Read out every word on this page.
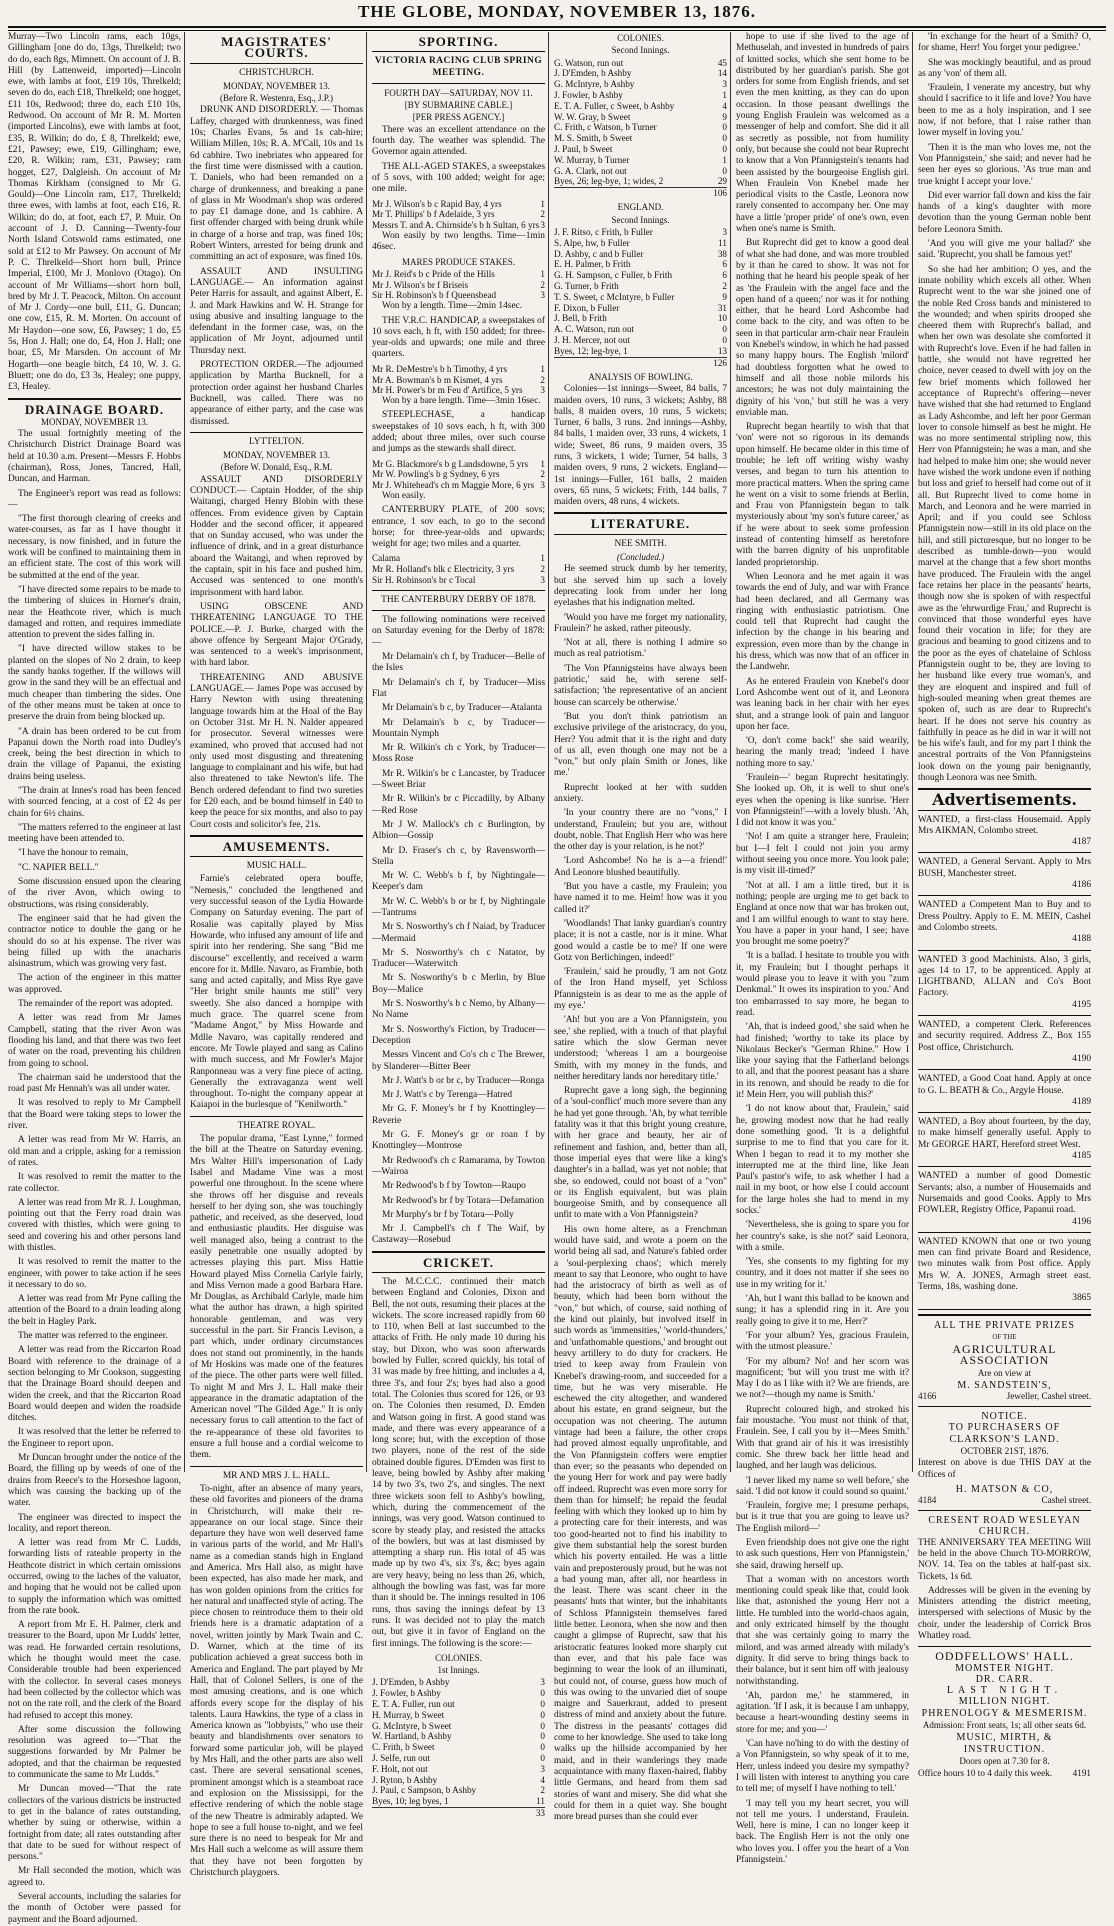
THE GLOBE, MONDAY, NOVEMBER 13, 1876.

Murray—Two Lincoln rams, each 10gs, Gillingham [one do do, 13gs, Threlkeld; two do do, each 8gs, Mimnett. On account of J. B. Hill (by Lattenweid, imported)—Lincoln ewe, with lambs at foot, £19 10s, Threlkeld; seven do do, each £18, Threlkeld; one hogget, £11 10s, Redwood; three do, each £10 10s, Redwood. On account of Mr R. M. Morten (imported Lincolns), ewe with lambs at foot, £35, R. Wilkin; do do, £ 8, Threlkeld; ewe, £21, Pawsey; ewe, £19, Gillingham; ewe, £20, R. Wilkin; ram, £31, Pawsey; ram hogget, £27, Dalgleish. On account of Mr Thomas Kirkham (consigned to Mr G. Gould)—One Lincoln ram, £17, Threlkeld; three ewes, with lambs at foot, each £16, R. Wilkin; do do, at foot, each £7, P. Muir. On account of J. D. Canning—Twenty-four North Island Cotswold rams estimated, one sold at £12 to Mr Pawsey. On account of Mr P. C. Threlkeld—Short horn bull, Prince Imperial, £100, Mr J. Monlovo (Otago). On account of Mr Williams—short horn bull, bred by Mr J. T. Peacock, Milton. On account of Mr J. Cordy—one bull, £11, G. Duncan; one cow, £15, R. M. Morten. On account of Mr Haydon—one sow, £6, Pawsey; 1 do, £5 5s, Hon J. Hall; one do, £4, Hon J. Hall; one boar, £5, Mr Marsden. On account of Mr Hogarth—one beagle bitch, £4 10, W. J. G. Bluett; one do do, £3 3s, Healey; one puppy, £3, Healey.

DRAINAGE BOARD.
MONDAY, NOVEMBER 13.

The usual fortnightly meeting of the Christchurch District Drainage Board was held at 10.30 a.m. Present—Messrs F. Hobbs (chairman), Ross, Jones, Tancred, Hall, Duncan, and Harman.

The Engineer's report was read as follows:—

"The first thorough clearing of creeks and water-courses, as far as I have thought it necessary, is now finished, and in future the work will be confined to maintaining them in an efficient state. The cost of this work will be submitted at the end of the year.

"I have directed some repairs to be made to the timbering of sluices in Horner's drain, near the Heathcote river, which is much damaged and rotten, and requires immediate attention to prevent the sides falling in.

"I have directed willow stakes to be planted on the slopes of No 2 drain, to keep the sandy banks together. If the willows will grow in the sand they will be an effectual and much cheaper than timbering the sides. One of the other means must be taken at once to preserve the drain from being blocked up.

"A drain has been ordered to be cut from Papanui down the North road into Dudley's creek, being the best direction in which to drain the village of Papanui, the existing drains being useless.

"The drain at Innes's road has been fenced with sourced fencing, at a cost of £2 4s per chain for 6½ chains.

"The matters referred to the engineer at last meeting have been attended to.

"I have the honour to remain,

"C. NAPIER BELL."

Some discussion ensued upon the clearing of the river Avon, which owing to obstructions, was rising considerably.

The engineer said that he had given the contractor notice to double the gang or he should do so at his expense. The river was being filled up with the anacharis alsinastrum, which was growing very fast.

The action of the engineer in this matter was approved.

The remainder of the report was adopted.

A letter was read from Mr James Campbell, stating that the river Avon was flooding his land, and that there was two feet of water on the road, preventing his children from going to school.

The chairman said he understood that the road past Mr Hennah's was all under water.

It was resolved to reply to Mr Campbell that the Board were taking steps to lower the river.

A letter was read from Mr W. Harris, an old man and a cripple, asking for a remission of rates.

It was resolved to remit the matter to the rate collector.

A letter was read from Mr R. J. Loughman, pointing out that the Ferry road drain was covered with thistles, which were going to seed and covering his and other persons land with thistles.

It was resolved to remit the matter to the engineer, with power to take action if he sees it necessary to do so.

A letter was read from Mr Pyne calling the attention of the Board to a drain leading along the belt in Hagley Park.

The matter was referred to the engineer.

A letter was read from the Riccarton Road Board with reference to the drainage of a section belonging to Mr Cookson, suggesting that the Drainage Board should deepen and widen the creek, and that the Riccarton Road Board would deepen and widen the roadside ditches.

It was resolved that the letter be referred to the Engineer to report upon.

Mr Duncan brought under the notice of the Board, the filling up by weeds of one of the drains from Reece's to the Horseshoe lagoon, which was causing the backing up of the water.

The engineer was directed to inspect the locality, and report thereon.

A letter was read from Mr C. Ludds, forwarding lists of rateable property in the Heathcote district in which certain omissions occurred, owing to the laches of the valuator, and hoping that he would not be called upon to supply the information which was omitted from the rate book.

A report from Mr E. H. Palmer, clerk and treasurer to the Board, upon Mr Ludds' letter, was read. He forwarded certain resolutions, which he thought would meet the case. Considerable trouble had been experienced with the collector. In several cases moneys had been collected by the collector which was not on the rate roll, and the clerk of the Board had refused to accept this money.

After some discussion the following resolution was agreed to—"That the suggestions forwarded by Mr Palmer be adopted, and that the chairman be requested to communicate the same to Mr Ludds."

Mr Duncan moved—"That the rate collectors of the various districts be instructed to get in the balance of rates outstanding, whether by suing or otherwise, within a fortnight from date; all rates outstanding after that date to be sued for without respect of persons."

Mr Hall seconded the motion, which was agreed to.

Several accounts, including the salaries for the month of October were passed for payment and the Board adjourned.

MAGISTRATES' COURTS.
CHRISTCHURCH.
MONDAY, NOVEMBER 13.
(Before R. Westenra, Esq., J.P.)

DRUNK AND DISORDERLY. — Thomas Laffey, charged with drunkenness, was fined 10s; Charles Evans, 5s and 1s cab-hire; William Millen, 10s; R. A. M'Call, 10s and 1s 6d cabhire. Two inebriates who appeared for the first time were dismissed with a caution. T. Daniels, who had been remanded on a charge of drunkenness, and breaking a pane of glass in Mr Woodman's shop was ordered to pay £1 damage done, and 1s cabhire. A first offender charged with being drunk while in charge of a horse and trap, was fined 10s; Robert Winters, arrested for being drunk and committing an act of exposure, was fined 10s.

ASSAULT AND INSULTING LANGUAGE.— An information against Peter Harris for assault, and against Albert, E. J. and Mark Hawkins and W. H. Strange for using abusive and insulting language to the defendant in the former case, was, on the application of Mr Joynt, adjourned until Thursday next.

PROTECTION ORDER.—The adjourned application by Martha Bucknell, for a protection order against her husband Charles Bucknell, was called. There was no appearance of either party, and the case was dismissed.

LYTTELTON.
MONDAY, NOVEMBER 13.
(Before W. Donald, Esq., R.M.

ASSAULT AND DISORDERLY CONDUCT.— Captain Hodder, of the ship Waitangi, charged Henry Blobin with these offences. From evidence given by Captain Hodder and the second officer, it appeared that on Sunday accused, who was under the influence of drink, and in a great disturbance aboard the Waitangi, and when reproved by the captain, spit in his face and pushed him. Accused was sentenced to one month's imprisonment with hard labor.

USING OBSCENE AND THREATENING LANGUAGE TO THE POLICE.—P. J. Burke, charged with the above offence by Sergeant Major O'Grady, was sentenced to a week's imprisonment, with hard labor.

THREATENING AND ABUSIVE LANGUAGE.— James Pope was accused by Harry Newton with using threatening language towards him at the Hoal of the Bay on October 31st. Mr H. N. Nalder appeared for prosecutor. Several witnesses were examined, who proved that accused had not only used most disgusting and threatening language to complainant and his wife, but had also threatened to take Newton's life. The Bench ordered defendant to find two sureties for £20 each, and be bound himself in £40 to keep the peace for six months, and also to pay Court costs and solicitor's fee, 21s.

AMUSEMENTS.
MUSIC HALL.

Farnie's celebrated opera bouffe, "Nemesis," concluded the lengthened and very successful season of the Lydia Howarde Company on Saturday evening. The part of Rosalie was capitally played by Miss Howarde, who infused any amount of life and spirit into her rendering. She sang "Bid me discourse" excellently, and received a warm encore for it. Mdlle. Navaro, as Frambie, both sang and acted capitally, and Miss Rye gave "Her bright smile haunts me still" very sweetly. She also danced a hornpipe with much grace. The quarrel scene from "Madame Angot," by Miss Howarde and Mdlle Navaro, was capitally rendered and encore. Mr Towle played and sang as Calino with much success, and Mr Fowler's Major Ranponneau was a very fine piece of acting. Generally the extravaganza went well throughout. To-night the company appear at Kaiapoi in the burlesque of "Kenilworth."

THEATRE ROYAL.

The popular drama, "East Lynne," formed the bill at the Theatre on Saturday evening. Mrs Walter Hill's impersonation of Lady Isabel and Madame Vine was a most powerful one throughout. In the scene where she throws off her disguise and reveals herself to her dying son, she was touchingly pathetic, and received, as she deserved, loud and enthusiastic plaudits. Her disguise was well managed also, being a contrast to the easily penetrable one usually adopted by actresses playing this part. Miss Hattie Howard played Miss Cornelia Carlyle fairly, and Miss Vernon made a good Barbara Hare. Mr Douglas, as Archibald Carlyle, made him what the author has drawn, a high spirited honorable gentleman, and was very successful in the part. Sir Francis Levison, a part which, under ordinary circumstances does not stand out prominently, in the hands of Mr Hoskins was made one of the features of the piece. The other parts were well filled. To night M and Mrs J. L. Hall make their appearance in the dramatic adaptation of the American novel "The Gilded Age." It is only necessary forus to call attention to the fact of the re-appearance of these old favorites to ensure a full house and a cordial welcome to them.

MR AND MRS J. L. HALL.

To-night, after an absence of many years, these old favorites and pioneers of the drama in Christchurch, will make their re-appearance on our local stage. Since their departure they have won well deserved fame in various parts of the world, and Mr Hall's name as a comedian stands high in England and America. Mrs Hall also, as might have been expected, has also made her mark, and has won golden opinions from the critics for her natural and unaffected style of acting. The piece chosen to reintroduce them to their old friends here is a dramatic adaptation of a novel, written jointly by Mark Twain and C. D. Warner, which at the time of its publication achieved a great success both in America and England. The part played by Mr Hall, that of Colonel Sellers, is one of the most amusing creations, and is one which affords every scope for the display of his talents. Laura Hawkins, the type of a class in America known as "lobbyists," who use their beauty and blandishments over senators to forward some particular job, will be played by Mrs Hall, and the other parts are also well cast. There are several sensational scenes, prominent amongst which is a steamboat race and explosion on the Mississippi, for the effective rendering of which the noble stage of the new Theatre is admirably adapted. We hope to see a full house to-night, and we feel sure there is no need to bespeak for Mr and Mrs Hall such a welcome as will assure them that they have not been forgotten by Christchurch playgoers.

SPORTING.
VICTORIA RACING CLUB SPRING MEETING.
FOURTH DAY—SATURDAY, NOV 11.
[BY SUBMARINE CABLE.]
[PER PRESS AGENCY.]

There was an excellent attendance on the fourth day. The weather was splendid. The Governor again attended.

THE ALL-AGED STAKES, a sweepstakes of 5 sovs, with 100 added; weight for age; one mile.

Mr J. Wilson's b c Rapid Bay, 4 yrs	1
Mr T. Phillips' b f Adelaide, 3 yrs	2
Messrs T. and A. Chirnside's b h Sultan, 6 yrs 3

Won easily by two lengths. Time—1min 46sec.

MARES PRODUCE STAKES.
Mr J. Reid's b c Pride of the Hills	1
Mr J. Wilson's br f Briseis	2
Sir H. Robinson's b f Queensbead	3

Won by a length. Time—2min 14sec.

THE V.R.C. HANDICAP, a sweepstakes of 10 sovs each, h ft, with 150 added; for three-year-olds and upwards; one mile and three quarters.

Mr R. DeMestre's b h Timothy, 4 yrs	1
Mr A. Bowman's b m Kismet, 4 yrs	2
Mr H. Power's br m Feu d' Artifice, 5 yrs 3

Won by a bare length. Time—3min 16sec.

STEEPLECHASE, a handicap sweepstakes of 10 sovs each, h ft, with 300 added; about three miles, over such course and jumps as the stewards shall direct.

Mr G. Blackmore's b g Landsdowne, 5 yrs 1
Mr W. Powling's b g Sydney, 6 yrs	2
Mr J. Whitehead's ch m Maggie More, 6 yrs 3

Won easily.

CANTERBURY PLATE, of 200 sovs; entrance, 1 sov each, to go to the second horse; for three-year-olds and upwards; weight for age; two miles and a quarter.

Calama	1
Mr R. Holland's blk c Electricity, 3 yrs	2
Sir H. Robinson's br c Tocal	3
THE CANTERBURY DERBY OF 1878.

The following nominations were received on Saturday evening for the Derby of 1878:—

Mr Delamain's ch f, by Traducer—Belle of the Isles

Mr Delamain's ch f, by Traducer—Miss Flat

Mr Delamain's b c, by Traducer—Atalanta

Mr Delamain's b c, by Traducer—Mountain Nymph

Mr R. Wilkin's ch c York, by Traducer—Moss Rose

Mr R. Wilkin's br c Lancaster, by Traducer—Sweet Briar

Mr R. Wilkin's br c Piccadilly, by Albany—Red Rose

Mr J W. Mallock's ch c Burlington, by Albion—Gossip

Mr D. Fraser's ch c, by Ravensworth—Stella

Mr W. C. Webb's b f, by Nightingale—Keeper's dam

Mr W. C. Webb's b or br f, by Nightingale—Tantrums

Mr S. Nosworthy's ch f Naiad, by Traducer—Mermaid

Mr S. Nosworthy's ch c Natator, by Traducer—Waterwitch

Mr S. Nosworthy's b c Merlin, by Blue Boy—Malice

Mr S. Nosworthy's b c Nemo, by Albany—No Name

Mr S. Nosworthy's Fiction, by Traducer—Deception

Messrs Vincent and Co's ch c The Brewer, by Slanderer—Bitter Beer

Mr J. Watt's b or br c, by Traducer—Ronga

Mr J. Watt's c by Terenga—Hatred

Mr G. F. Money's br f by Knottingley—Reverie

Mr G. F. Money's gr or roan f by Knottingley—Montrose

Mr Redwood's ch c Ramarama, by Towton—Wairoa

Mr Redwood's b f by Towton—Raupo

Mr Redwood's br f by Totara—Defamation

Mr Murphy's br f by Totara—Polly

Mr J. Campbell's ch f The Waif, by Castaway—Rosebud

CRICKET.

The M.C.C.C. continued their match between England and Colonies, Dixon and Bell, the not outs, resuming their places at the wickets. The score increased rapidly from 60 to 110, when Bell at last succumbed to the attacks of Frith. He only made 10 during his stay, but Dixon, who was soon afterwards bowled by Fuller, scored quickly, his total of 31 was made by free hitting, and includes a 4, three 3's, and four 2's; byes had also a good total. The Colonies thus scored for 126, or 93 on. The Colonies then resumed, D. Emden and Watson going in first. A good stand was made, and there was every appearance of a long score; but, with the exception of those two players, none of the rest of the side obtained double figures. D'Emden was first to leave, being bowled by Ashby after making 14 by two 3's, two 2's, and singles. The next three wickets soon fell to Ashby's bowling, which, during the commencement of the innings, was very good. Watson continued to score by steady play, and resisted the attacks of the bowlers, but was at last dismissed by attempting a sharp run. His total of 45 was made up by two 4's, six 3's, &c; byes again are very heavy, being no less than 26, which, although the bowling was fast, was far more than it should be. The innings resulted in 106 runs, thus saving the innings defeat by 13 runs. It was decided not to play the match out, but give it in favor of England on the first innings. The following is the score:—

COLONIES.
1st Innings.
J. D'Emden, b Ashby	3
J. Fowler, b Ashby	0
E. T. A. Fuller, run out	0
H. Murray, b Sweet	0
G. McIntyre, b Sweet	0
W. Hartland, b Ashby	0
C. Frith, b Sweet	0
J. Selfe, run out	0
F. Holt, not out	3
J. Ryton, b Ashby	4
J. Paul, c Sampson, b Ashby	2
Byes, 10; leg byes, 1	11
33
COLONIES.
Second Innings.
G. Watson, run out	45
J. D'Emden, b Ashby	14
G. McIntyre, b Ashby	3
J. Fowler, b Ashby	1
E. T. A. Fuller, c Sweet, b Ashby	4
W. W. Gray, b Sweet	9
C. Frith, c Watson, b Turner	0
M. S. Smith, b Sweet	0
J. Paul, b Sweet	0
W. Murray, b Turner	1
G. A. Clark, not out	0
Byes, 26; leg-bye, 1; wides, 2	29
106
ENGLAND.
Second Innings.
J. F. Ritso, c Frith, b Fuller	3
S. Alpe, hw, b Fuller	11
D. Ashby, c and b Fuller	38
E. H. Palmer, b Frith	6
G. H. Sampson, c Fuller, b Frith	6
G. Turner, b Frith	2
T. S. Sweet, c McIntyre, b Fuller	9
F. Dixon, b Fuller	31
J. Bell, b Frith	10
A. C. Watson, run out	0
J. H. Mercer, not out	0
Byes, 12; leg-bye, 1	13
126
ANALYSIS OF BOWLING.

Colonies—1st innings—Sweet, 84 balls, 7 maiden overs, 10 runs, 3 wickets; Ashby, 88 balls, 8 maiden overs, 10 runs, 5 wickets; Turner, 6 balls, 3 runs. 2nd innings—Ashby, 84 balls, 1 maiden over, 33 runs, 4 wickets, 1 wide; Sweet, 86 runs, 9 maiden overs, 35 runs, 3 wickets, 1 wide; Turner, 54 balls, 3 maiden overs, 9 runs, 2 wickets. England—1st innings—Fuller, 161 balls, 2 maiden overs, 65 runs, 5 wickets; Frith, 144 balls, 7 maiden overs, 48 runs, 4 wickets.

LITERATURE.
NEE SMITH.
(Concluded.)

He seemed struck dumb by her temerity, but she served him up such a lovely deprecating look from under her long eyelashes that his indignation melted.

'Would you have me forget my nationality, Fraulein?' he asked, rather piteously.

'Not at all, there is nothing I admire so much as real patriotism.'

'The Von Pfannigsteins have always been patriotic,' said he, with serene self-satisfaction; 'the representative of an ancient house can scarcely be otherwise.'

'But you don't think patriotism an exclusive privilege of the aristocracy, do you, Herr? You admit that it is the right and duty of us all, even though one may not be a "von," but only plain Smith or Jones, like me.'

Ruprecht looked at her with sudden anxiety.

'In your country there are no "vons," I understand, Fraulein; but you are, without doubt, noble. That English Herr who was here the other day is your relation, is he not?'

'Lord Ashcombe! No he is a—a friend!' And Leonore blushed beautifully.

'But you have a castle, my Fraulein; you have named it to me. Heim! how was it you called it?'

'Woodlands! That lanky guardian's country place; it is not a castle, nor is it mine. What good would a castle be to me? If one were Gotz von Berlichingen, indeed!'

'Fraulein,' said he proudly, 'I am not Gotz of the Iron Hand myself, yet Schloss Pfannigstein is as dear to me as the apple of my eye.'

'Ah! but you are a Von Pfannigstein, you see,' she replied, with a touch of that playful satire which the slow German never understood; 'whereas I am a bourgeoise Smith, with my money in the funds, and neither hereditary lands nor hereditary title.'

Ruprecht gave a long sigh, the beginning of a 'soul-conflict' much more severe than any he had yet gone through. 'Ah, by what terrible fatality was it that this bright young creature, with her grace and beauty, her air of refinement and fashion, and, better than all, those imperial eyes that were like a king's daughter's in a ballad, was yet not noble; that she, so endowed, could not boast of a "von" or its English equivalent, but was plain bourgeoise Smith, and by consequence all unfit to mate with a Von Pfannigstein?

His own home altere, as a Frenchman would have said, and wrote a poem on the world being all sad, and Nature's fabled order a 'soul-perplexing chaos'; which merely meant to say that Leonore, who ought to have had the aristocracy of birth as well as of beauty, which had been born without the "von," but which, of course, said nothing of the kind out plainly, but involved itself in such words as 'immensities,' 'world-thunders,' and 'unfathomable questions,' and brought out heavy artillery to do duty for crackers. He tried to keep away from Fraulein von Knebel's drawing-room, and succeeded for a time, but he was very miserable. He eschewed the city altogether, and wandered about his estate, en grand seigneur, but the occupation was not cheering. The autumn vintage had been a failure, the other crops had proved almost equally unprofitable, and the Von Pfannigstein coffers were emptier than ever; so the peasants who depended on the young Herr for work and pay were badly off indeed. Ruprecht was even more sorry for them than for himself; he repaid the feudal feeling with which they looked up to him by a protecting care for their interests, and was too good-hearted not to find his inability to give them substantial help the sorest burden which his poverty entailed. He was a little vain and preposterously proud, but he was not a bad young man, after all, nor heartless in the least. There was scant cheer in the peasants' huts that winter, but the inhabitants of Schloss Pfannigstein themselves fared little better. Leonora, when she now and then caught a glimpse of Ruprecht, saw that his aristocratic features looked more sharply cut than ever, and that his pale face was beginning to wear the look of an illuminati, but could not, of course, guess how much of this was owing to the unvaried diet of soupe maigre and Sauerkraut, added to present distress of mind and anxiety about the future. The distress in the peasants' cottages did come to her knowledge. She used to take long walks up the hillside accompanied by her maid, and in their wanderings they made acquaintance with many flaxen-haired, flabby little Germans, and heard from them sad stories of want and misery. She did what she could for them in a quiet way. She bought more bread purses than she could ever

hope to use if she lived to the age of Methuselah, and invested in hundreds of pairs of knitted socks, which she sent home to be distributed by her guardian's parish. She got orders for some from English friends, and set even the men knitting, as they can do upon occasion. In those peasant dwellings the young English Fraulein was welcomed as a messenger of help and comfort. She did it all as secretly as possible, not from humility only, but because she could not bear Ruprecht to know that a Von Pfannigstein's tenants had been assisted by the bourgeoise English girl. When Fraulein Von Knebel made her periodical visits to the Castle, Leonora now rarely consented to accompany her. One may have a little 'proper pride' of one's own, even when one's name is Smith.

But Ruprecht did get to know a good deal of what she had done, and was more troubled by it than he cared to show. It was not for nothing that he heard his people speak of her as 'the Fraulein with the angel face and the open hand of a queen;' nor was it for nothing either, that he heard Lord Ashcombe had come back to the city, and was often to be seen in that particular arm-chair near Fraulein von Knebel's window, in which he had passed so many happy hours. The English 'milord' had doubtless forgotten what he owed to himself and all those noble milords his ancestors; he was not duly maintaining the dignity of his 'von,' but still he was a very enviable man.

Ruprecht began heartily to wish that that 'von' were not so rigorous in its demands upon himself. He became older in this time of trouble; he left off writing wishy washy verses, and began to turn his attention to more practical matters. When the spring came he went on a visit to some friends at Berlin, and Frau von Pfannigstein began to talk mysteriously about 'my son's future career,' as if he were about to seek some profession instead of contenting himself as heretofore with the barren dignity of his unprofitable landed proprietorship.

When Leonora and he met again it was towards the end of July, and war with France had been declared, and all Germany was ringing with enthusiastic patriotism. One could tell that Ruprecht had caught the infection by the change in his bearing and expression, even more than by the change in his dress, which was now that of an officer in the Landwehr.

As he entered Fraulein von Knebel's door Lord Ashcombe went out of it, and Leonora was leaning back in her chair with her eyes shut, and a strange look of pain and languor upon her face.

'O, don't come back!' she said wearily, hearing the manly tread; 'indeed I have nothing more to say.'

'Fraulein—' began Ruprecht hesitatingly. She looked up. Oh, it is well to shut one's eyes when the opening is like sunrise. 'Herr von Pfannigstein!'—with a lovely blush. 'Ah, I did not know it was you.'

'No! I am quite a stranger here, Fraulein; but I—I felt I could not join you army without seeing you once more. You look pale; is my visit ill-timed?'

'Not at all. I am a little tired, but it is nothing; people are urging me to get back to England at once now that war has broken out, and I am willful enough to want to stay here. You have a paper in your hand, I see; have you brought me some poetry?'

'It is a ballad. I hesitate to trouble you with it, my Fraulein; but I thought perhaps it would please you to leave it with you "zum Denkmal." It owes its inspiration to you.' And too embarrassed to say more, he began to read.

'Ah, that is indeed good,' she said when he had finished; 'worthy to take its place by Nikolaus Becker's "German Rhine." How I like your saying that the Fatherland belongs to all, and that the poorest peasant has a share in its renown, and should be ready to die for it! Mein Herr, you will publish this?'

'I do not know about that, Fraulein,' said he, growing modest now that he had really done something good. 'It is a delightful surprise to me to find that you care for it. When I began to read it to my mother she interrupted me at the third line, like Jean Paul's pastor's wife, to ask whether I had a nail in my boot, or how else I could account for the large holes she had to mend in my socks.'

'Nevertheless, she is going to spare you for her country's sake, is she not?' said Leonora, with a smile.

'Yes, she consents to my fighting for my country, and it does not matter if she sees no use in my writing for it.'

'Ah, but I want this ballad to be known and sung; it has a splendid ring in it. Are you really going to give it to me, Herr?'

'For your album? Yes, gracious Fraulein, with the utmost pleasure.'

'For my album? No! and her scorn was magnificent; 'but will you trust me with it? May I do as I like with it? We are friends, are we not?—though my name is Smith.'

Ruprecht coloured high, and stroked his fair moustache. 'You must not think of that, Fraulein. See, I call you by it—Mees Smith.' With that grand air of his it was irresistibly comic. She threw back her little head and laughed, and her laugh was delicious.

'I never liked my name so well before,' she said. 'I did not know it could sound so quaint.'

'Fraulein, forgive me; I presume perhaps, but is it true that you are going to leave us? The English milord—'

Even friendship does not give one the right to ask such questions, Herr von Pfannigstein,' she said, drawing herself up.

That a woman with no ancestors worth mentioning could speak like that, could look like that, astonished the young Herr not a little. He tumbled into the world-chaos again, and only extricated himself by the thought that she was certainly going to marry the milord, and was armed already with milady's dignity. It did serve to bring things back to their balance, but it sent him off with jealousy notwithstanding.

'Ah, pardon me,' he stammered, in agitation. 'If I ask, it is because I am unhappy, because a heart-wounding destiny seems in store for me; and you—'

'Can have no'hing to do with the destiny of a Von Pfannigstein, so why speak of it to me, Herr, unless indeed you desire my sympathy? I will listen with interest to anything you care to tell me; of myself I have nothing to tell.'

'I may tell you my heart secret, you will not tell me yours. I understand, Fraulein. Well, here is mine, I can no longer keep it back. The English Herr is not the only one who loves you. I offer you the heart of a Von Pfannigstein.'

'In exchange for the heart of a Smith? O, for shame, Herr! You forget your pedigree.'

She was mockingly beautiful, and as proud as any 'von' of them all.

'Fraulein, I venerate my ancestry, but why should I sacrifice to it life and love? You have been to me as a holy inspiration, and I see now, if not before, that I raise rather than lower myself in loving you.'

'Then it is the man who loves me, not the Von Pfannigstein,' she said; and never had he seen her eyes so glorious. 'As true man and true knight I accept your love.'

Did ever warrior fall down and kiss the fair hands of a king's daughter with more devotion than the young German noble bent before Leonora Smith.

'And you will give me your ballad?' she said. 'Ruprecht, you shall be famous yet!'

So she had her ambition; O yes, and the innate nobility which excels all other. When Ruprecht went to the war she joined one of the noble Red Cross bands and ministered to the wounded; and when spirits drooped she cheered them with Ruprecht's ballad, and when her own was desolate she comforted it with Ruprecht's love. Even if he had fallen in battle, she would not have regretted her choice, never ceased to dwell with joy on the few brief moments which followed her acceptance of Ruprecht's offering—never have wished that she had returned to England as Lady Ashcombe, and left her poor German lover to console himself as best he might. He was no more sentimental stripling now, this Herr von Pfannigstein; he was a man, and she had helped to make him one; she would never have wished the work undone even if nothing but loss and grief to herself had come out of it all. But Ruprecht lived to come home in March, and Leonora and he were married in April; and if you could see Schloss Pfannigstein now—still in its old place on the hill, and still picturesque, but no longer to be described as tumble-down—you would marvel at the change that a few short months have produced. The Fraulein with the angel face retains her place in the peasants' hearts, though now she is spoken of with respectful awe as the 'ehrwurdige Frau,' and Ruprecht is convinced that those wonderful eyes have found their vocation in life; for they are gracious and beaming to good citizens and to the poor as the eyes of chatelaine of Schloss Pfannigstein ought to be, they are loving to her husband like every true woman's, and they are eloquent and inspired and full of high-souled meaning when great themes are spoken of, such as are dear to Ruprecht's heart. If he does not serve his country as faithfully in peace as he did in war it will not be his wife's fault, and for my part I think the ancestral portraits of the Von Pfannigsteins look down on the young pair benignantly, though Leonora was nee Smith.

Advertisements.
WANTED, a first-class Housemaid. Apply Mrs AIKMAN, Colombo street.
4187
WANTED, a General Servant. Apply to Mrs BUSH, Manchester street.
4186
WANTED a Competent Man to Buy and to Dress Poultry. Apply to E. M. MEIN, Cashel and Colombo streets.
4188
WANTED 3 good Machinists. Also, 3 girls, ages 14 to 17, to be apprenticed. Apply at LIGHTBAND, ALLAN and Co's Boot Factory.
4195
WANTED, a competent Clerk. References and security required. Address Z., Box 155 Post office, Christchurch.
4190
WANTED, a Good Coat hand. Apply at once to G. L. BEATH & Co., Argyle House.
4189
WANTED, a Boy about fourteen, by the day, to make himself generally useful. Apply to Mr GEORGE HART, Hereford street West.
4185
WANTED a number of good Domestic Servants; also, a number of Housemaids and Nursemaids and good Cooks. Apply to Mrs FOWLER, Registry Office, Papanui road.
4196
WANTED KNOWN that one or two young men can find private Board and Residence, two minutes walk from Post office. Apply Mrs W. A. JONES, Armagh street east. Terms, 18s, washing done.
3865
ALL THE PRIVATE PRIZES
OF THE
AGRICULTURAL ASSOCIATION
Are on view at
M. SANDSTEIN'S,
4166	Jeweller, Cashel street.
NOTICE.
TO PURCHASERS OF CLARKSON'S LAND.
OCTOBER 21ST, 1876.

Interest on above is due THIS DAY at the Offices of

H. MATSON & CO,
4184	Cashel street.
CRESENT ROAD WESLEYAN CHURCH.

THE ANNIVERSARY TEA MEETING Will be held in the above Church TO-MORROW, NOV. 14. Tea on the tables at half-past six. Tickets, 1s 6d.

Addresses will be given in the evening by Ministers attending the district meeting, interspersed with selections of Music by the choir, under the leadership of Corrick Bros Whatley road.

ODDFELLOWS' HALL.
MOMSTER NIGHT.
DR. CARR.
LAST NIGHT.
MILLION NIGHT.
PHRENOLOGY & MESMERISM.
Admission: Front seats, 1s; all other seats 6d.
MUSIC, MIRTH, & INSTRUCTION.
Doors open at 7.30 for 8.
Office hours 10 to 4 daily this week. 4191
